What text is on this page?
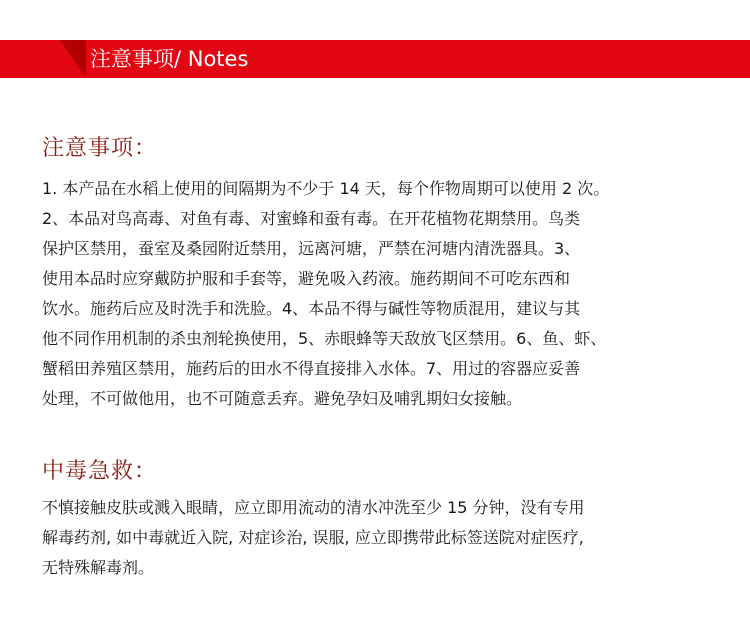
注意事项/ Notes
注意事项：
1. 本产品在水稻上使用的间隔期为不少于 14 天，每个作物周期可以使用 2 次。
2、本品对鸟高毒、对鱼有毒、对蜜蜂和蚕有毒。在开花植物花期禁用。鸟类
保护区禁用，蚕室及桑园附近禁用，远离河塘，严禁在河塘内清洗器具。3、
使用本品时应穿戴防护服和手套等，避免吸入药液。施药期间不可吃东西和
饮水。施药后应及时洗手和洗脸。4、本品不得与碱性等物质混用，建议与其
他不同作用机制的杀虫剂轮换使用，5、赤眼蜂等天敌放飞区禁用。6、鱼、虾、
蟹稻田养殖区禁用，施药后的田水不得直接排入水体。7、用过的容器应妥善
处理，不可做他用，也不可随意丢弃。避免孕妇及哺乳期妇女接触。
中毒急救：
不慎接触皮肤或溅入眼睛，应立即用流动的清水冲洗至少 15 分钟，没有专用
解毒药剂, 如中毒就近入院, 对症诊治, 误服, 应立即携带此标签送院对症医疗,
无特殊解毒剂。
